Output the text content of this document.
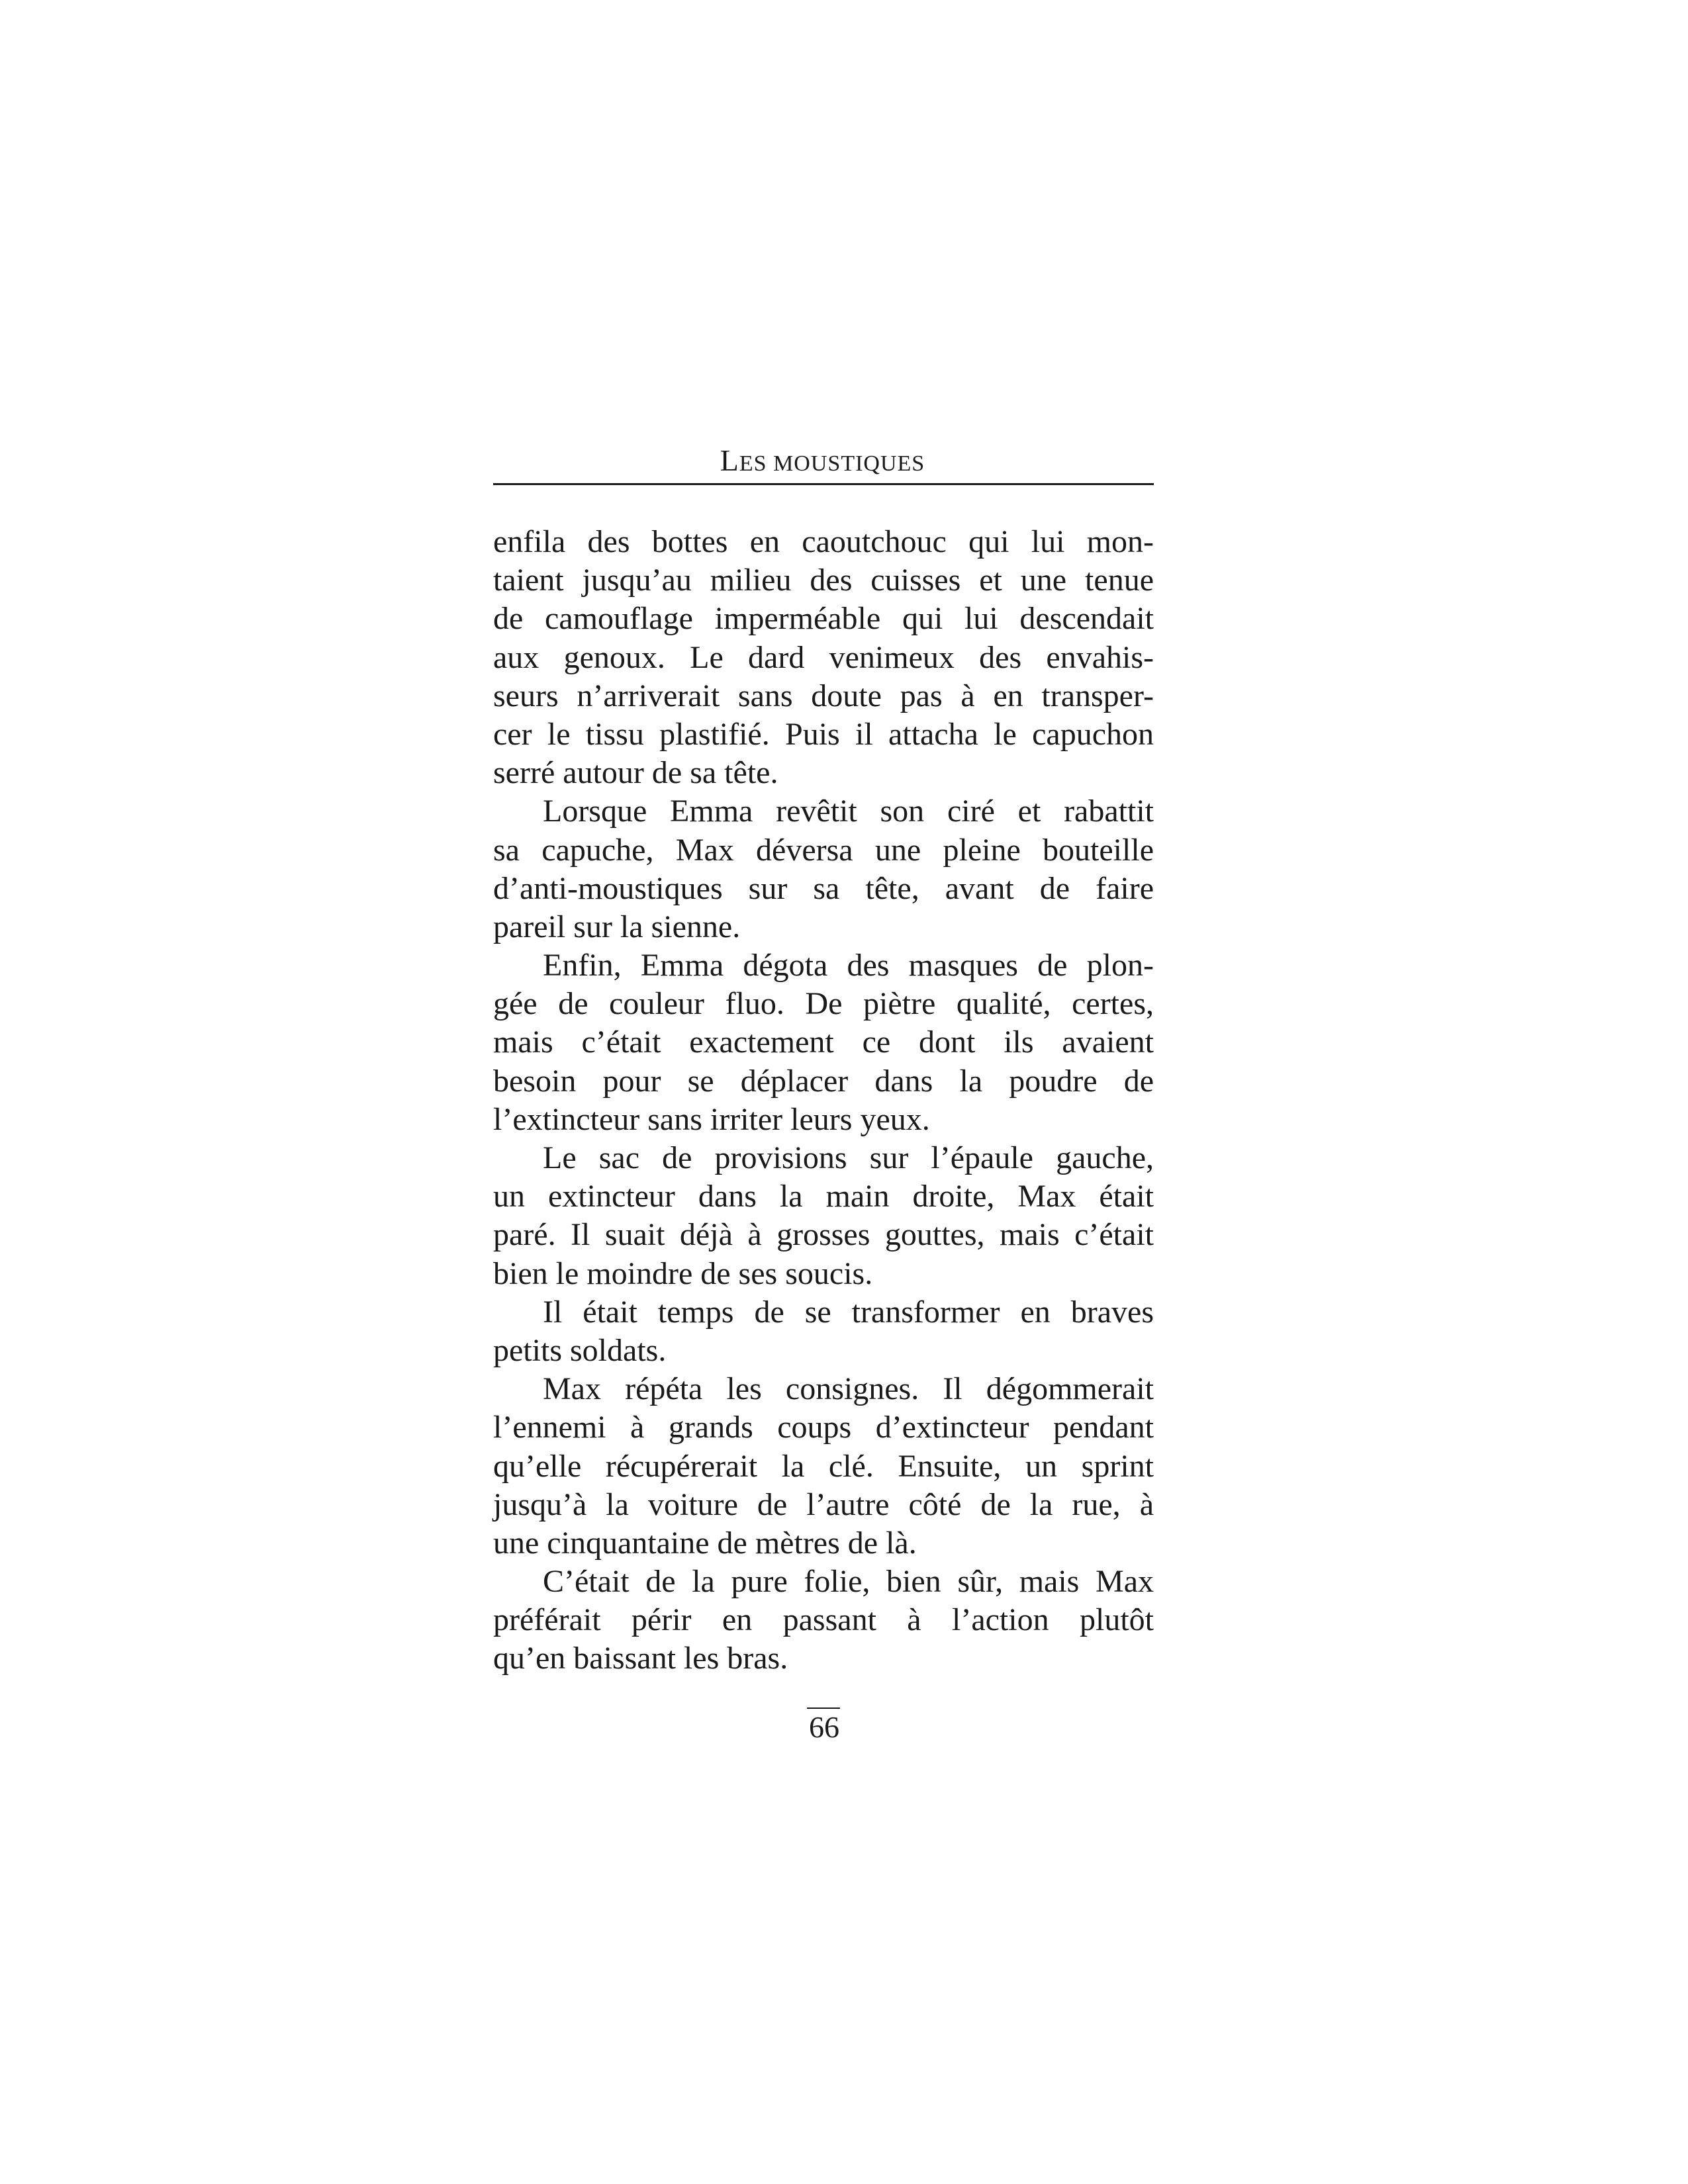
LES MOUSTIQUES

enfila des bottes en caoutchouc qui lui mon-
taient jusqu’au milieu des cuisses et une tenue
de camouflage imperméable qui lui descendait
aux genoux. Le dard venimeux des envahis-
seurs n’arriverait sans doute pas à en transper-
cer le tissu plastifié. Puis il attacha le capuchon
serré autour de sa tête.

Lorsque Emma revêtit son ciré et rabattit
sa capuche, Max déversa une pleine bouteille
d’anti-moustiques sur sa tête, avant de faire
pareil sur la sienne.

Enfin, Emma dégota des masques de plon-
gée de couleur fluo. De piètre qualité, certes,
mais c’était exactement ce dont ils avaient
besoin pour se déplacer dans la poudre de
l’extincteur sans irriter leurs yeux.

Le sac de provisions sur l’épaule gauche,
un extincteur dans la main droite, Max était
paré. Il suait déjà à grosses gouttes, mais c’était
bien le moindre de ses soucis.

Il était temps de se transformer en braves
petits soldats.

Max répéta les consignes. Il dégommerait
l’ennemi à grands coups d’extincteur pendant
qu’elle récupérerait la clé. Ensuite, un sprint
jusqu’à la voiture de l’autre côté de la rue, à
une cinquantaine de mètres de là.

C’était de la pure folie, bien sûr, mais Max
préférait périr en passant à l’action plutôt
qu’en baissant les bras.

66
